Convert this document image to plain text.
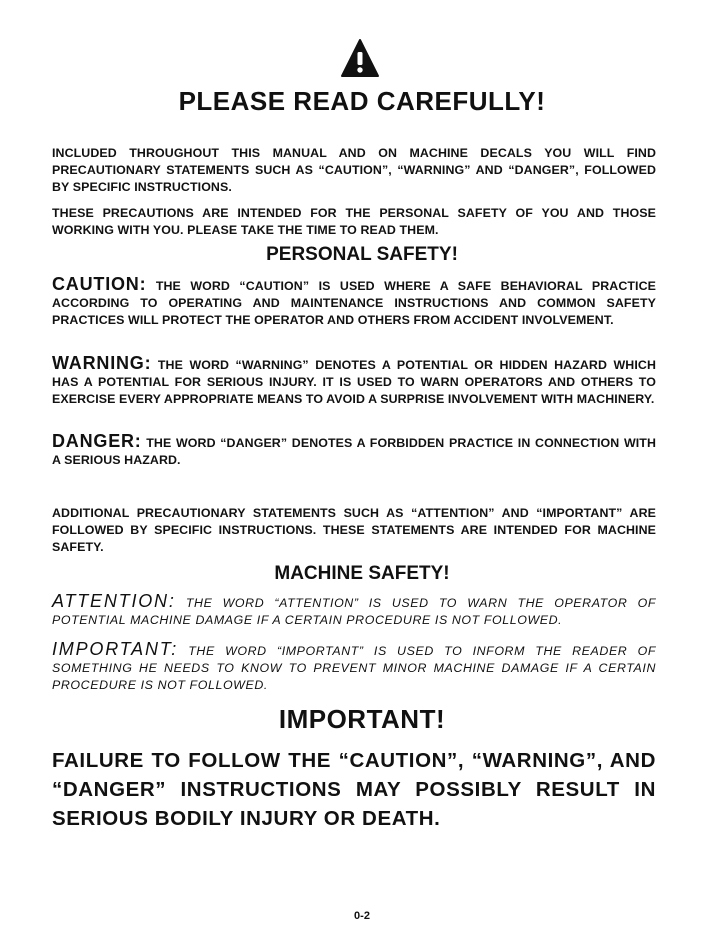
PLEASE READ CAREFULLY!

INCLUDED THROUGHOUT THIS MANUAL AND ON MACHINE DECALS YOU WILL FIND PRECAUTIONARY STATEMENTS SUCH AS “CAUTION”, “WARNING” AND “DANGER”, FOLLOWED BY SPECIFIC INSTRUCTIONS.

THESE PRECAUTIONS ARE INTENDED FOR THE PERSONAL SAFETY OF YOU AND THOSE WORKING WITH YOU. PLEASE TAKE THE TIME TO READ THEM.

PERSONAL SAFETY!

CAUTION: THE WORD “CAUTION” IS USED WHERE A SAFE BEHAVIORAL PRACTICE ACCORDING TO OPERATING AND MAINTENANCE INSTRUCTIONS AND COMMON SAFETY PRACTICES WILL PROTECT THE OPERATOR AND OTHERS FROM ACCIDENT INVOLVEMENT.

WARNING: THE WORD “WARNING” DENOTES A POTENTIAL OR HIDDEN HAZARD WHICH HAS A POTENTIAL FOR SERIOUS INJURY. IT IS USED TO WARN OPERATORS AND OTHERS TO EXERCISE EVERY APPROPRIATE MEANS TO AVOID A SURPRISE INVOLVEMENT WITH MACHINERY.

DANGER: THE WORD “DANGER” DENOTES A FORBIDDEN PRACTICE IN CONNECTION WITH A SERIOUS HAZARD.

ADDITIONAL PRECAUTIONARY STATEMENTS SUCH AS “ATTENTION” AND “IMPORTANT” ARE FOLLOWED BY SPECIFIC INSTRUCTIONS. THESE STATEMENTS ARE INTENDED FOR MACHINE SAFETY.

MACHINE SAFETY!

ATTENTION: THE WORD “ATTENTION” IS USED TO WARN THE OPERATOR OF POTENTIAL MACHINE DAMAGE IF A CERTAIN PROCEDURE IS NOT FOLLOWED.

IMPORTANT: THE WORD “IMPORTANT” IS USED TO INFORM THE READER OF SOMETHING HE NEEDS TO KNOW TO PREVENT MINOR MACHINE DAMAGE IF A CERTAIN PROCEDURE IS NOT FOLLOWED.

IMPORTANT!

FAILURE TO FOLLOW THE “CAUTION”, “WARNING”, AND “DANGER” INSTRUCTIONS MAY POSSIBLY RESULT IN SERIOUS BODILY INJURY OR DEATH.

0-2
